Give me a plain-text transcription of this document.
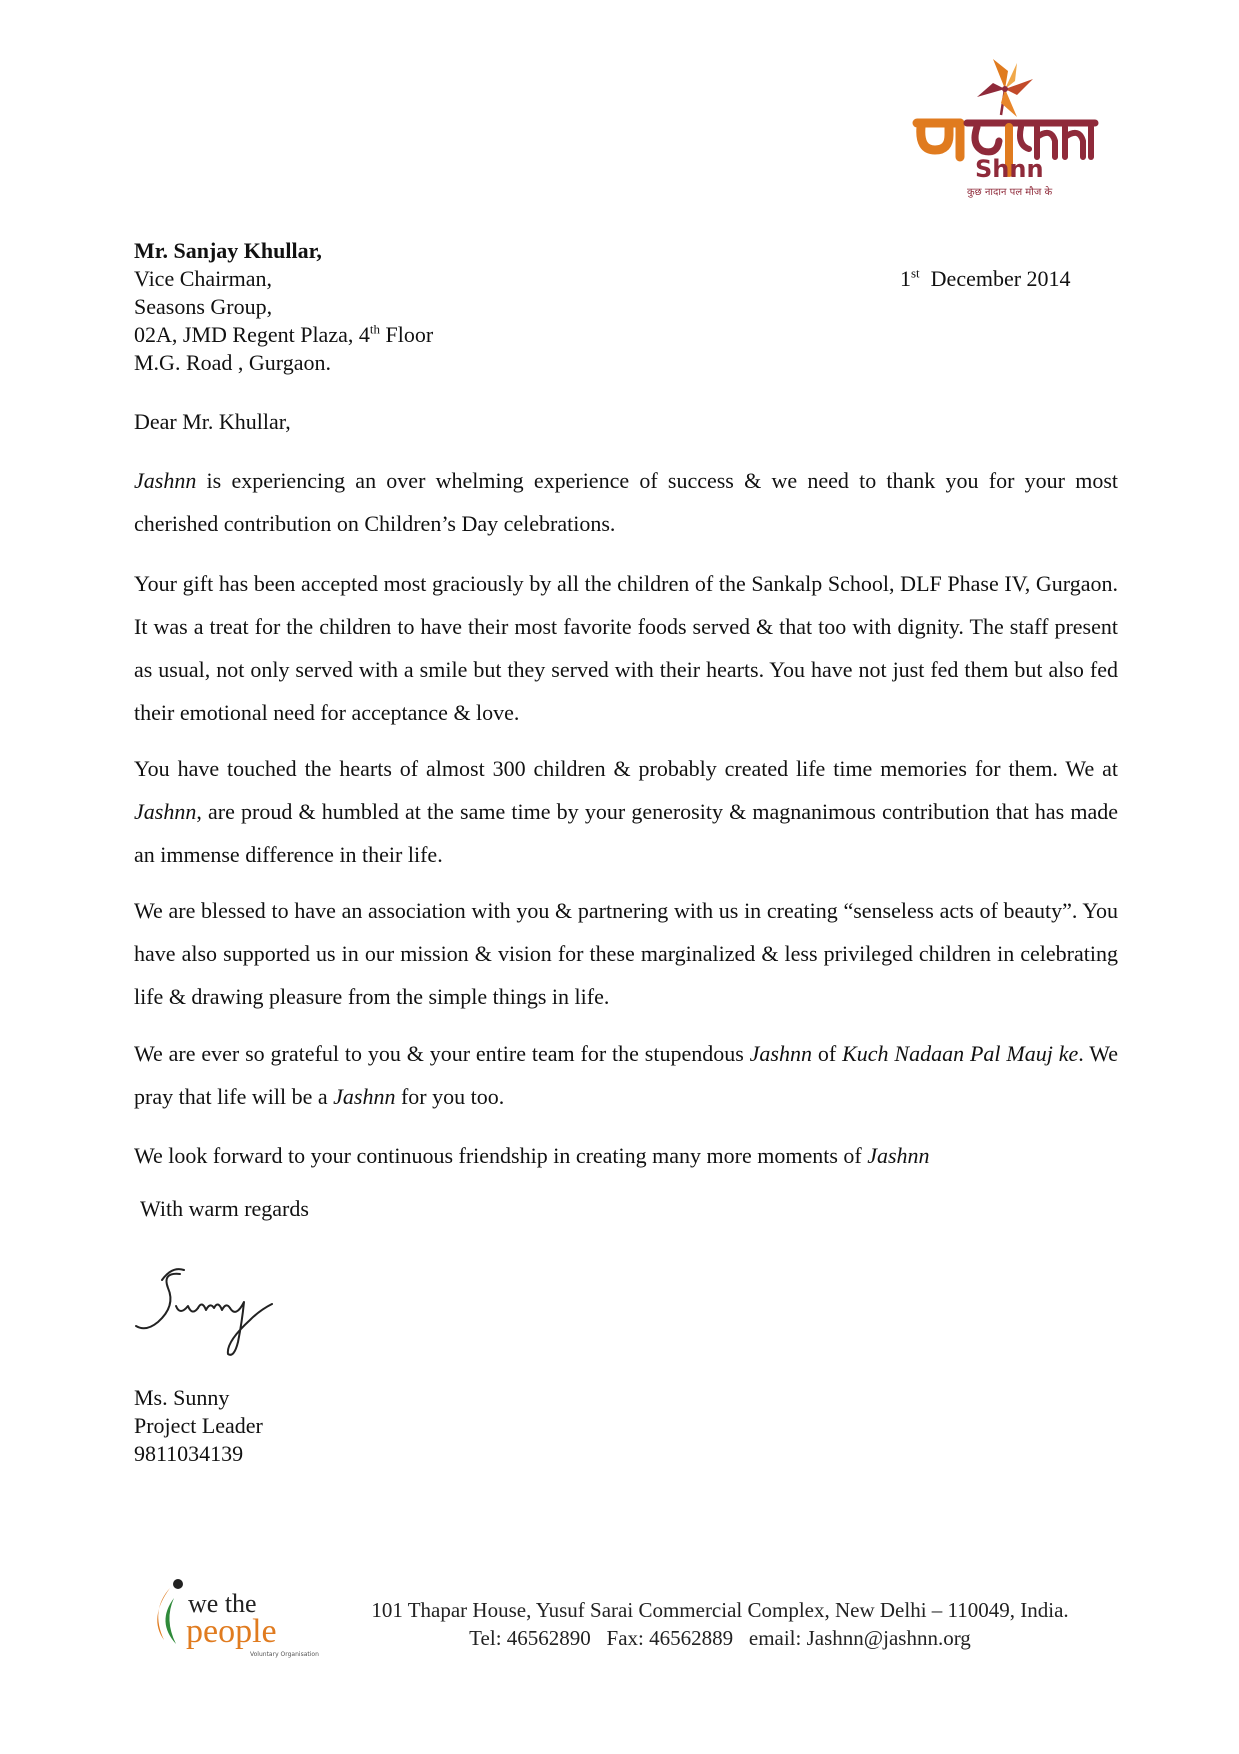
Shnn
कुछ नादान पल मौज के
Mr. Sanjay Khullar,
Vice Chairman,
Seasons Group,
02A, JMD Regent Plaza, 4th Floor
M.G. Road , Gurgaon.
1st  December 2014
Dear Mr. Khullar,
Jashnn is experiencing an over whelming experience of success & we need to thank you for your most cherished contribution on Children’s Day celebrations.
Your gift has been accepted most graciously by all the children of the Sankalp School, DLF Phase IV, Gurgaon. It was a treat for the children to have their most favorite foods served & that too with dignity. The staff present as usual, not only served with a smile but they served with their hearts. You have not just fed them but also fed their emotional need for acceptance & love.
You have touched the hearts of almost 300 children & probably created life time memories for them. We at Jashnn, are proud & humbled at the same time by your generosity & magnanimous contribution that has made an immense difference in their life.
We are blessed to have an association with you & partnering with us in creating “senseless acts of beauty”. You have also supported us in our mission & vision for these marginalized & less privileged children in celebrating life & drawing pleasure from the simple things in life.
We are ever so grateful to you & your entire team for the stupendous Jashnn of Kuch Nadaan Pal Mauj ke. We pray that life will be a Jashnn for you too.
We look forward to your continuous friendship in creating many more moments of Jashnn
With warm regards
Ms. Sunny
Project Leader
9811034139
we the
people
Voluntary Organisation
101 Thapar House, Yusuf Sarai Commercial Complex, New Delhi – 110049, India.
Tel: 46562890 Fax: 46562889 email: Jashnn@jashnn.org
